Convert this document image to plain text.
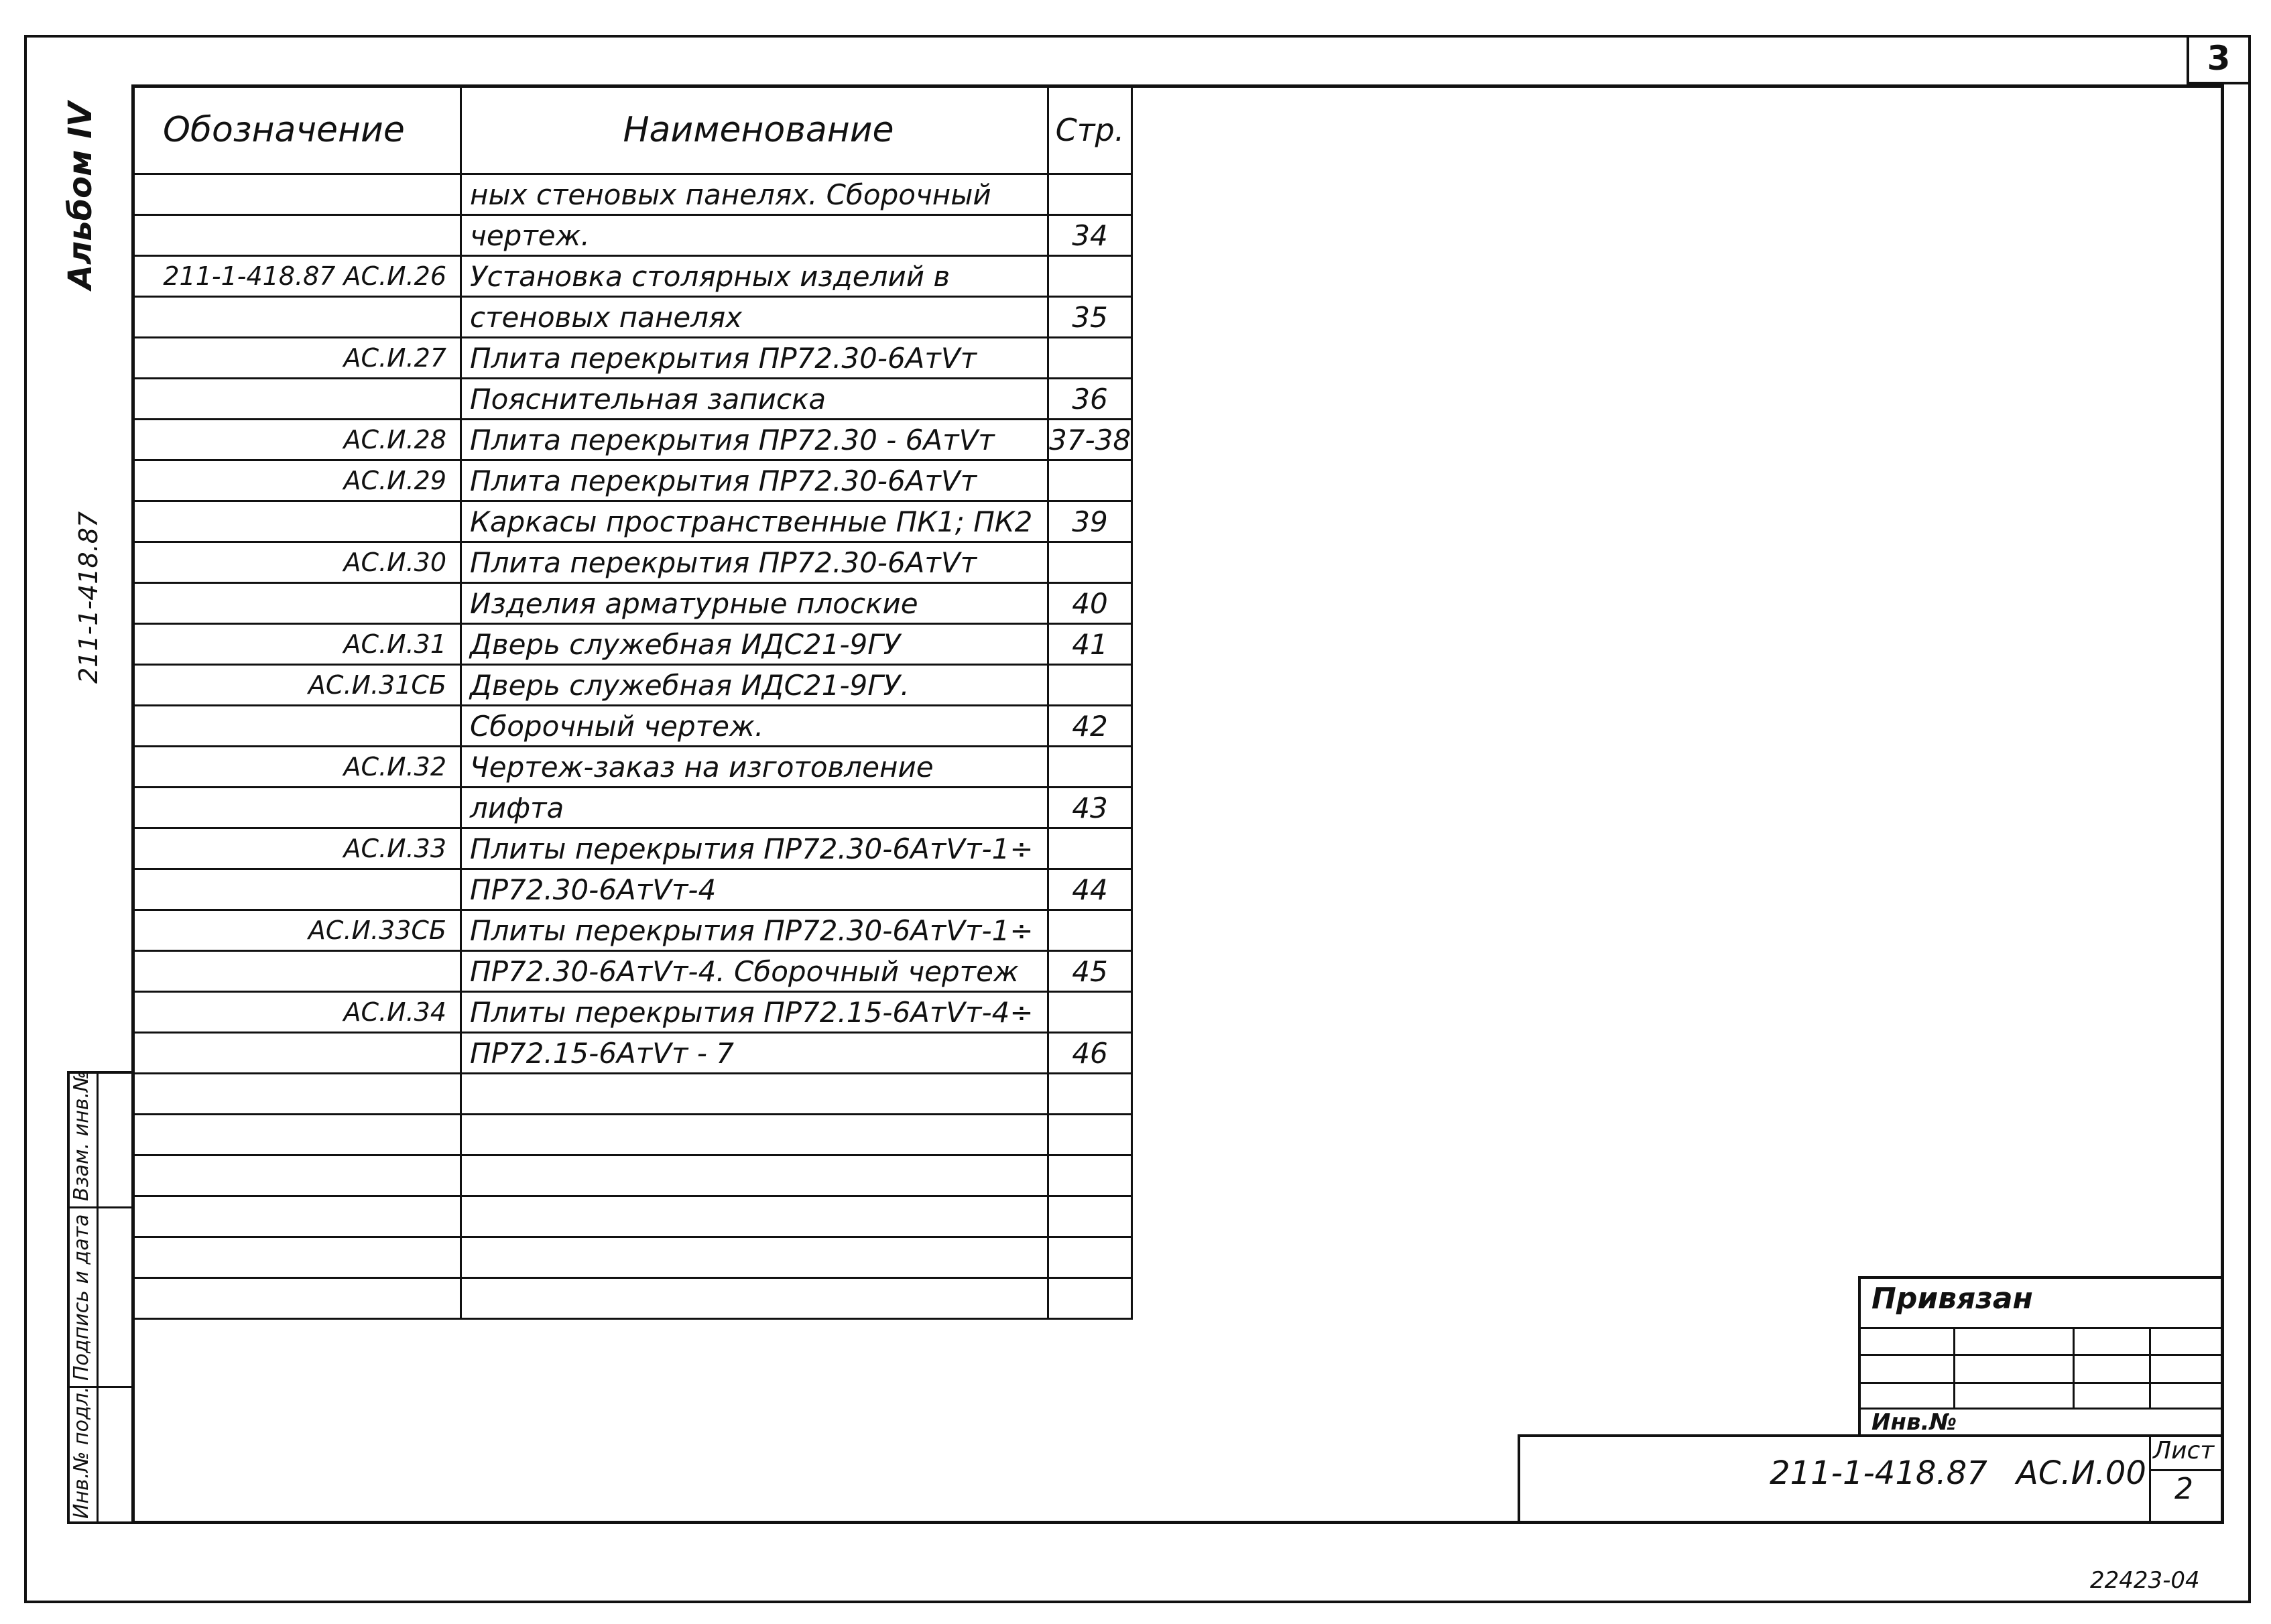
3
Альбом IV
211-1-418.87
Взам. инв.№
Подпись и дата
Инв.№ подл.
Обозначение	Наименование	Стр.
	ных стеновых панелях. Сборочный	
	чертеж.	34
211-1-418.87 АС.И.26	Установка столярных изделий в	
	стеновых панелях	35
АС.И.27	Плита перекрытия ПР72.30-6АтVт	
	Пояснительная записка	36
АС.И.28	Плита перекрытия ПР72.30 - 6АтVт	37-38
АС.И.29	Плита перекрытия ПР72.30-6АтVт	
	Каркасы пространственные ПК1; ПК2	39
АС.И.30	Плита перекрытия ПР72.30-6АтVт	
	Изделия арматурные плоские	40
АС.И.31	Дверь служебная ИДС21-9ГУ	41
АС.И.31СБ	Дверь служебная ИДС21-9ГУ.	
	Сборочный чертеж.	42
АС.И.32	Чертеж-заказ на изготовление	
	лифта	43
АС.И.33	Плиты перекрытия ПР72.30-6АтVт-1÷	
	ПР72.30-6АтVт-4	44
АС.И.33СБ	Плиты перекрытия ПР72.30-6АтVт-1÷	
	ПР72.30-6АтVт-4. Сборочный чертеж	45
АС.И.34	Плиты перекрытия ПР72.15-6АтVт-4÷	
	ПР72.15-6АтVт - 7	46

Привязан
Инв.№
211-1-418.87 АС.И.00
Лист
2
22423-04
